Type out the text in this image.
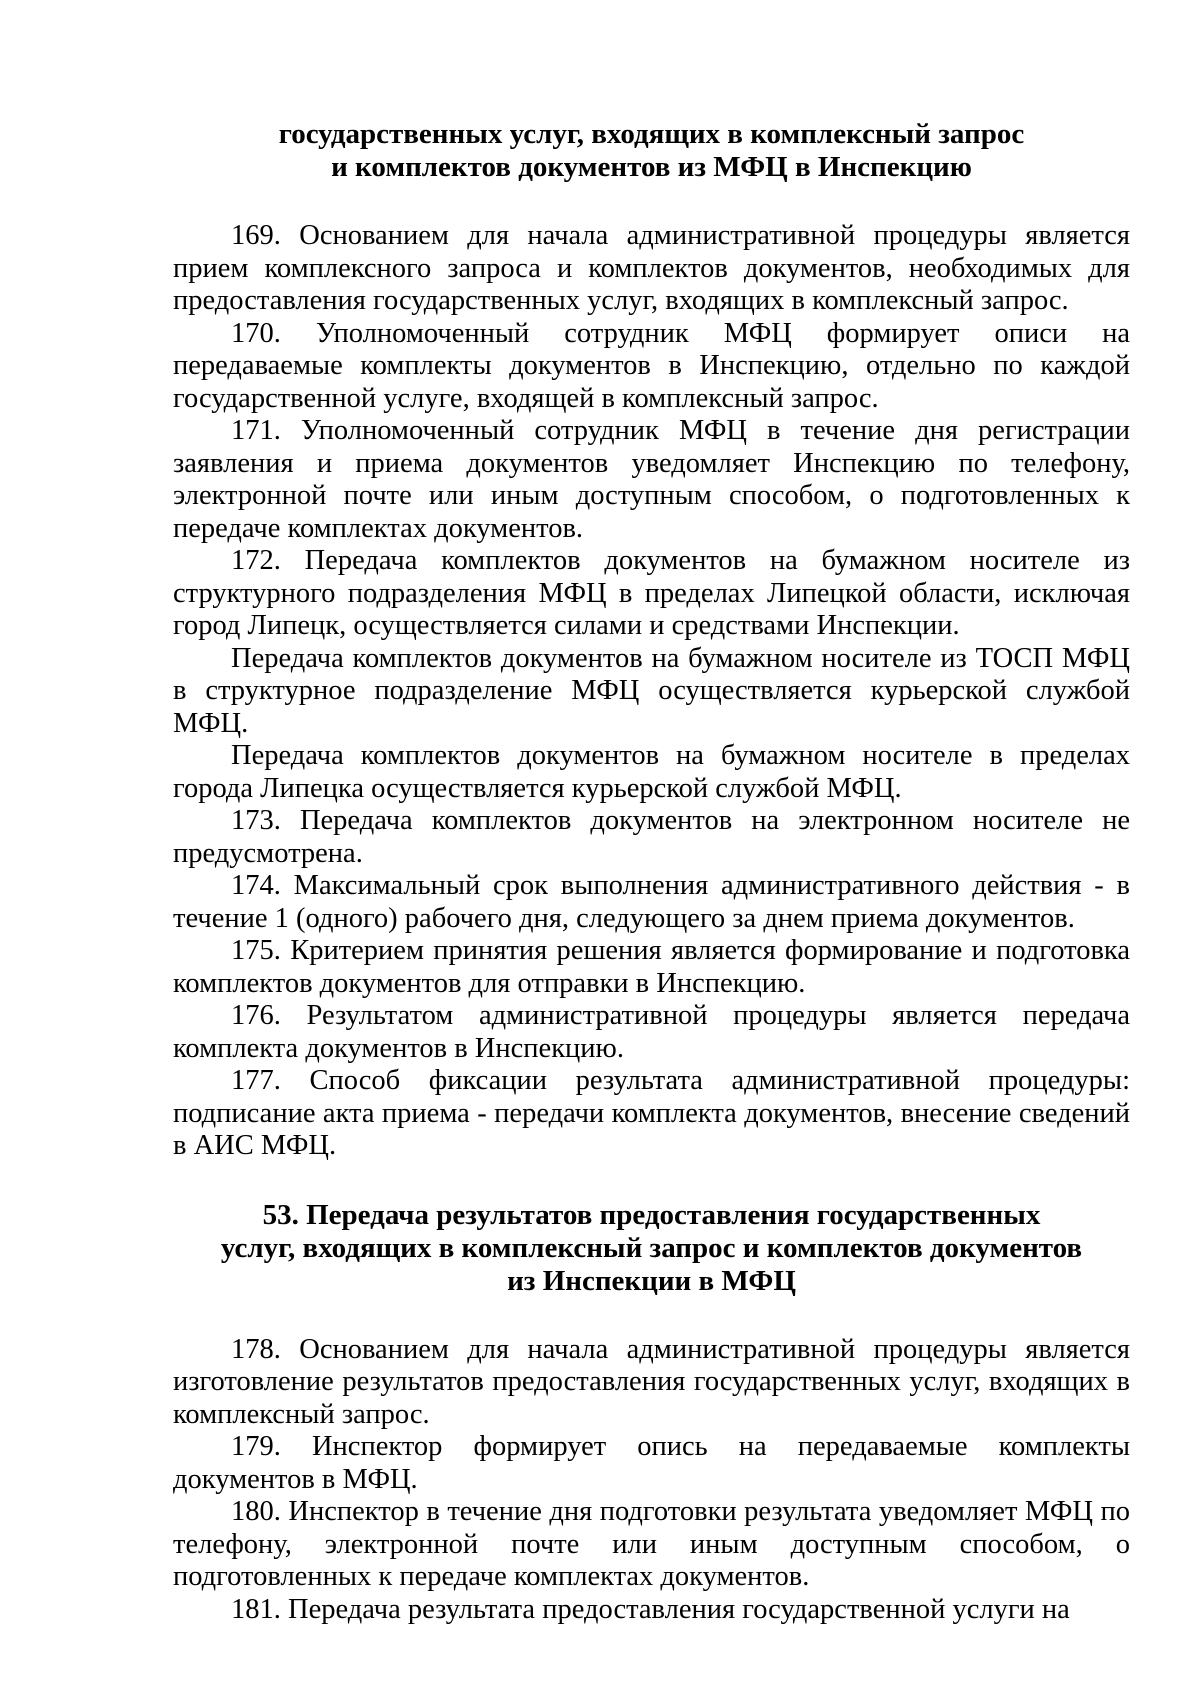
государственных услуг, входящих в комплексный запрос
и комплектов документов из МФЦ в Инспекцию

169. Основанием для начала административной процедуры является прием комплексного запроса и комплектов документов, необходимых для предоставления государственных услуг, входящих в комплексный запрос.

170. Уполномоченный сотрудник МФЦ формирует описи на передаваемые комплекты документов в Инспекцию, отдельно по каждой государственной услуге, входящей в комплексный запрос.

171. Уполномоченный сотрудник МФЦ в течение дня регистрации заявления и приема документов уведомляет Инспекцию по телефону, электронной почте или иным доступным способом, о подготовленных к передаче комплектах документов.

172. Передача комплектов документов на бумажном носителе из структурного подразделения МФЦ в пределах Липецкой области, исключая город Липецк, осуществляется силами и средствами Инспекции.

Передача комплектов документов на бумажном носителе из ТОСП МФЦ в структурное подразделение МФЦ осуществляется курьерской службой МФЦ.

Передача комплектов документов на бумажном носителе в пределах города Липецка осуществляется курьерской службой МФЦ.

173. Передача комплектов документов на электронном носителе не предусмотрена.

174. Максимальный срок выполнения административного действия - в течение 1 (одного) рабочего дня, следующего за днем приема документов.

175. Критерием принятия решения является формирование и подготовка комплектов документов для отправки в Инспекцию.

176. Результатом административной процедуры является передача комплекта документов в Инспекцию.

177. Способ фиксации результата административной процедуры: подписание акта приема - передачи комплекта документов, внесение сведений в АИС МФЦ.

53. Передача результатов предоставления государственных
услуг, входящих в комплексный запрос и комплектов документов
из Инспекции в МФЦ

178. Основанием для начала административной процедуры является изготовление результатов предоставления государственных услуг, входящих в комплексный запрос.

179. Инспектор формирует опись на передаваемые комплекты документов в МФЦ.

180. Инспектор в течение дня подготовки результата уведомляет МФЦ по телефону, электронной почте или иным доступным способом, о подготовленных к передаче комплектах документов.

181. Передача результата предоставления государственной услуги на
